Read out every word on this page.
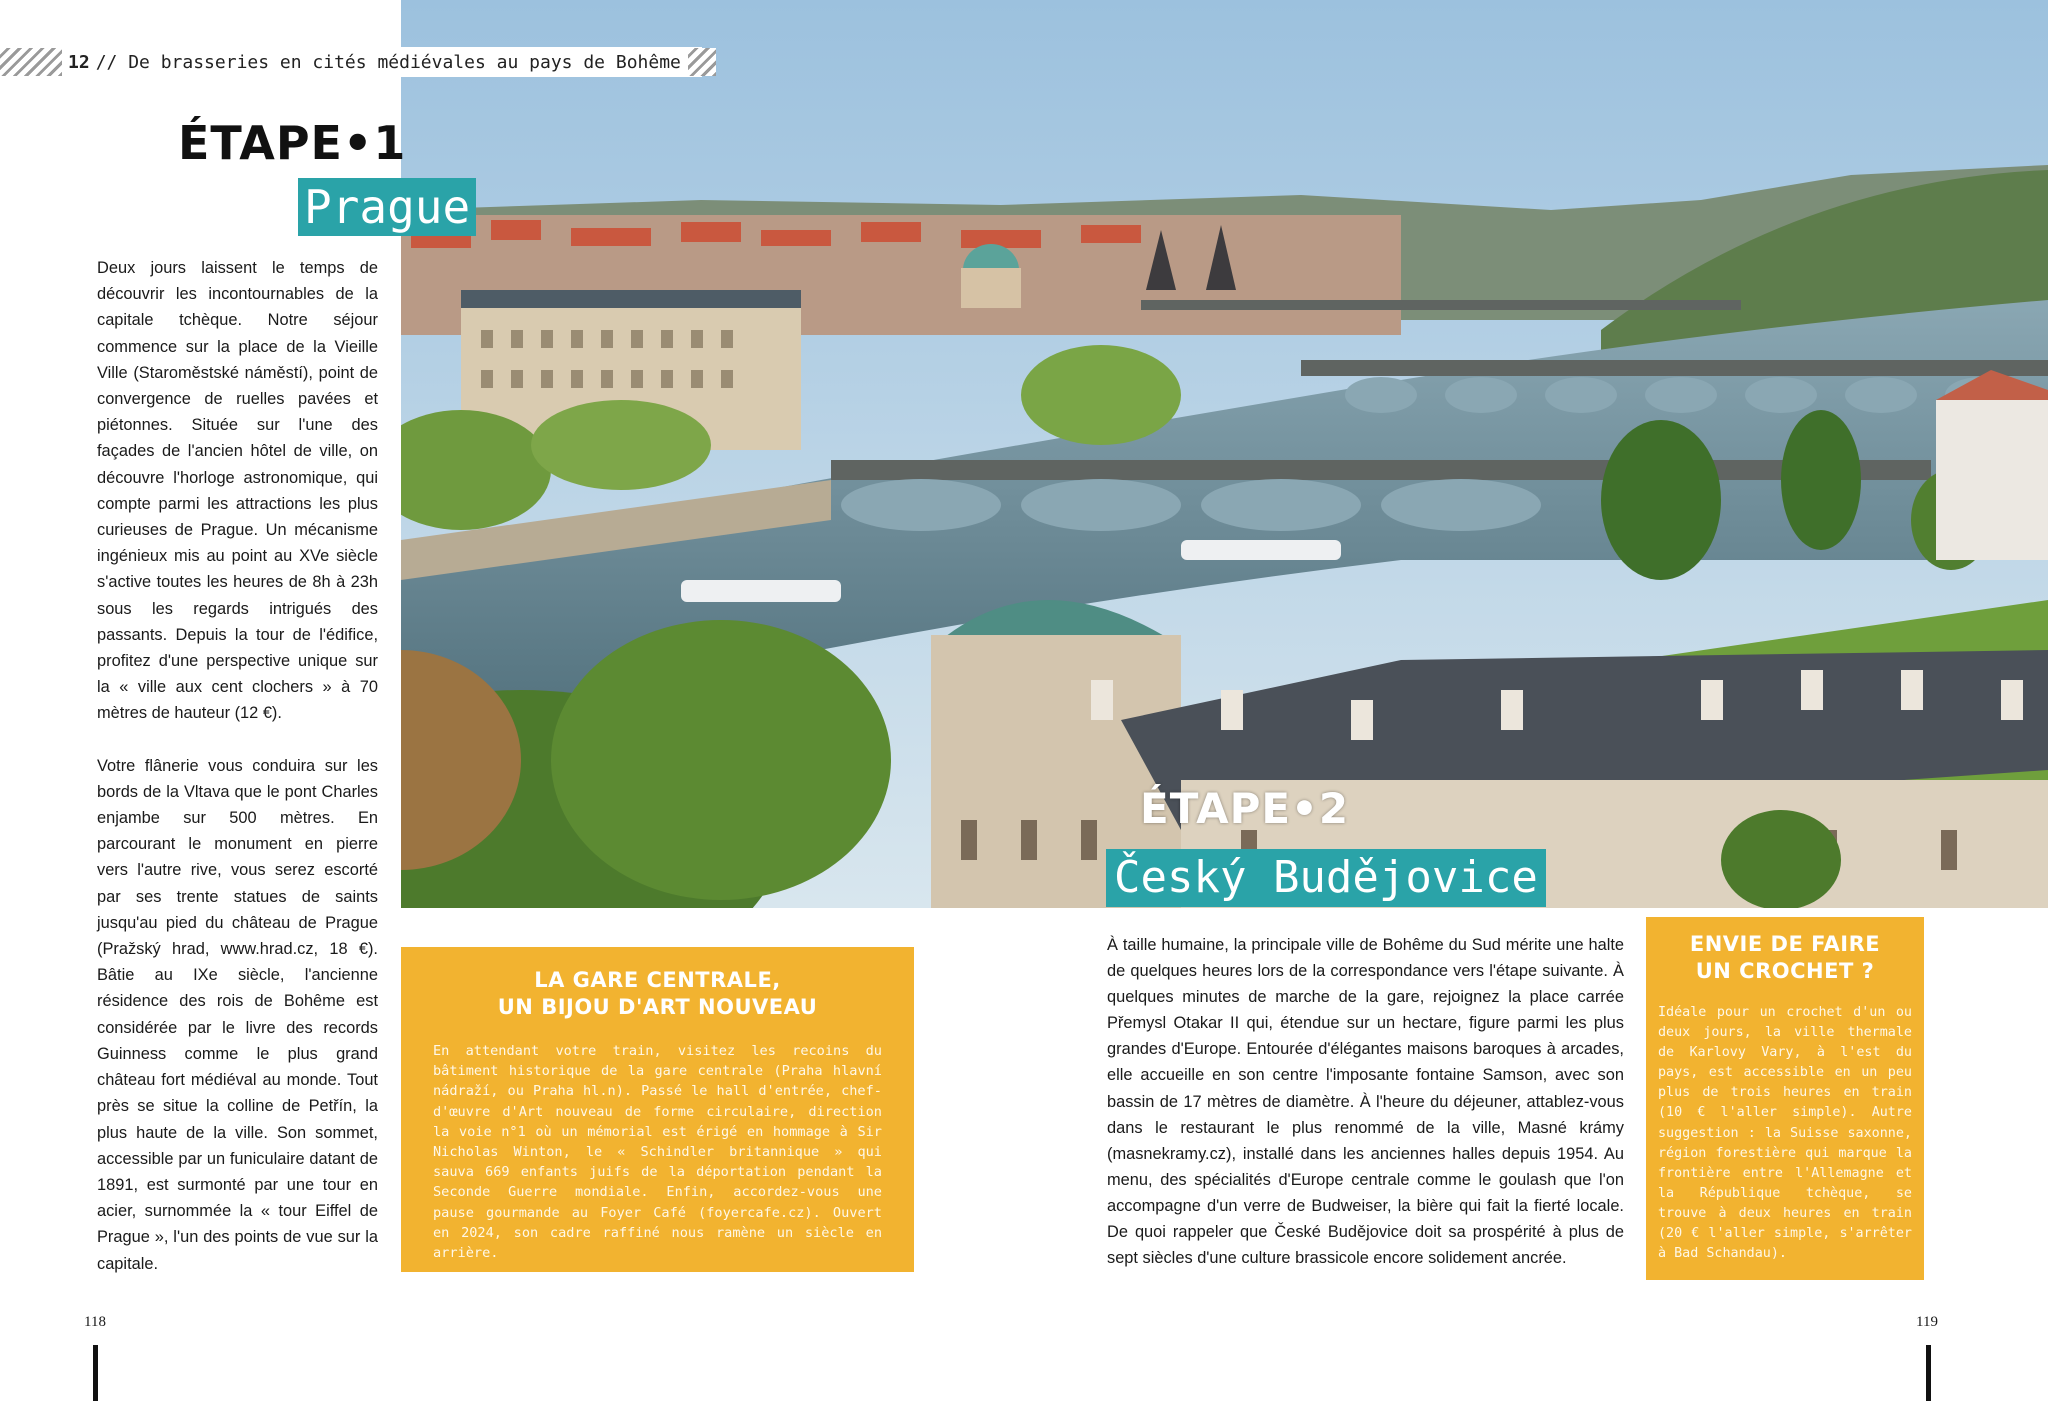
12 // De brasseries en cités médiévales au pays de Bohême
ÉTAPE•1
Prague

Deux jours laissent le temps de découvrir les incontournables de la capitale tchèque. Notre séjour commence sur la place de la Vieille Ville (Staroměstské náměstí), point de convergence de ruelles pavées et piétonnes. Située sur l'une des façades de l'ancien hôtel de ville, on découvre l'horloge astronomique, qui compte parmi les attractions les plus curieuses de Prague. Un mécanisme ingénieux mis au point au XVe siècle s'active toutes les heures de 8h à 23h sous les regards intrigués des passants. Depuis la tour de l'édifice, profitez d'une perspective unique sur la « ville aux cent clochers » à 70 mètres de hauteur (12 €).

Votre flânerie vous conduira sur les bords de la Vltava que le pont Charles enjambe sur 500 mètres. En parcourant le monument en pierre vers l'autre rive, vous serez escorté par ses trente statues de saints jusqu'au pied du château de Prague (Pražský hrad, www.hrad.cz, 18 €). Bâtie au IXe siècle, l'ancienne résidence des rois de Bohême est considérée par le livre des records Guinness comme le plus grand château fort médiéval au monde. Tout près se situe la colline de Petřín, la plus haute de la ville. Son sommet, accessible par un funiculaire datant de 1891, est surmonté par une tour en acier, surnommée la « tour Eiffel de Prague », l'un des points de vue sur la capitale.

LA GARE CENTRALE,
UN BIJOU D'ART NOUVEAU
En attendant votre train, visitez les recoins du bâtiment historique de la gare centrale (Praha hlavní nádraží, ou Praha hl.n). Passé le hall d'entrée, chef-d'œuvre d'Art nouveau de forme circulaire, direction la voie n°1 où un mémorial est érigé en hommage à Sir Nicholas Winton, le « Schindler britannique » qui sauva 669 enfants juifs de la déportation pendant la Seconde Guerre mondiale. Enfin, accordez-vous une pause gourmande au Foyer Café (foyercafe.cz). Ouvert en 2024, son cadre raffiné nous ramène un siècle en arrière.
ÉTAPE•2
Český Budějovice

À taille humaine, la principale ville de Bohême du Sud mérite une halte de quelques heures lors de la correspondance vers l'étape suivante. À quelques minutes de marche de la gare, rejoignez la place carrée Přemysl Otakar II qui, étendue sur un hectare, figure parmi les plus grandes d'Europe. Entourée d'élégantes maisons baroques à arcades, elle accueille en son centre l'imposante fontaine Samson, avec son bassin de 17 mètres de diamètre. À l'heure du déjeuner, attablez-vous dans le restaurant le plus renommé de la ville, Masné krámy (masnekramy.cz), installé dans les anciennes halles depuis 1954. Au menu, des spécialités d'Europe centrale comme le goulash que l'on accompagne d'un verre de Budweiser, la bière qui fait la fierté locale. De quoi rappeler que České Budějovice doit sa prospérité à plus de sept siècles d'une culture brassicole encore solidement ancrée.

ENVIE DE FAIRE
UN CROCHET ?
Idéale pour un crochet d'un ou deux jours, la ville thermale de Karlovy Vary, à l'est du pays, est accessible en un peu plus de trois heures en train (10 € l'aller simple). Autre suggestion : la Suisse saxonne, région forestière qui marque la frontière entre l'Allemagne et la République tchèque, se trouve à deux heures en train (20 € l'aller simple, s'arrêter à Bad Schandau).
118	119
